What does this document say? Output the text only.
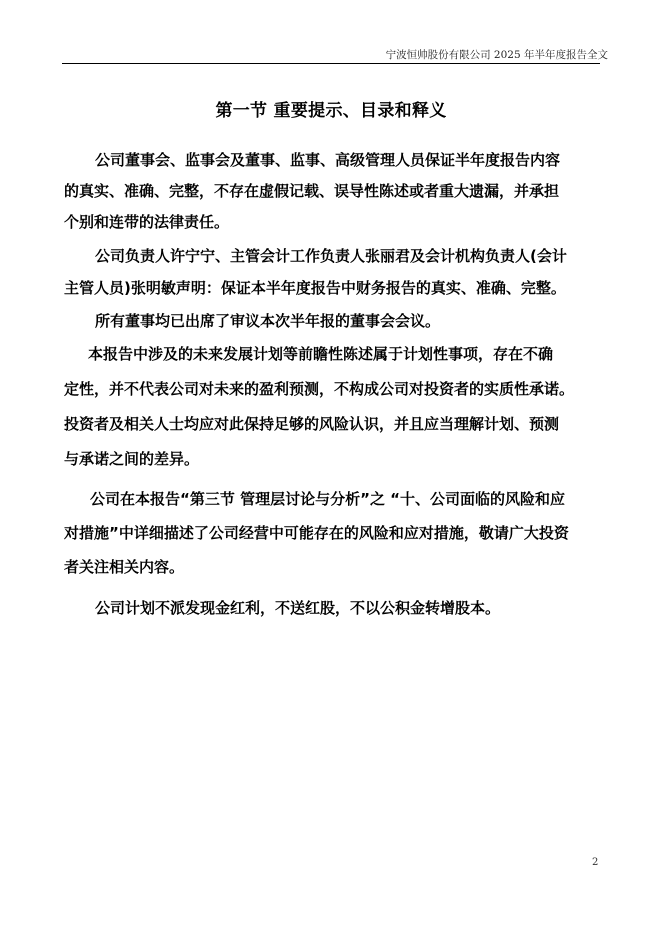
宁波恒帅股份有限公司 2025 年半年度报告全文
第一节 重要提示、目录和释义
公司董事会、监事会及董事、监事、高级管理人员保证半年度报告内容
的真实、准确、完整，不存在虚假记载、误导性陈述或者重大遗漏，并承担
个别和连带的法律责任。
公司负责人许宁宁、主管会计工作负责人张丽君及会计机构负责人(会计
主管人员)张明敏声明：保证本半年度报告中财务报告的真实、准确、完整。
所有董事均已出席了审议本次半年报的董事会会议。
本报告中涉及的未来发展计划等前瞻性陈述属于计划性事项，存在不确
定性，并不代表公司对未来的盈利预测，不构成公司对投资者的实质性承诺。
投资者及相关人士均应对此保持足够的风险认识，并且应当理解计划、预测
与承诺之间的差异。
公司在本报告“第三节 管理层讨论与分析”之 “十、公司面临的风险和应
对措施”中详细描述了公司经营中可能存在的风险和应对措施，敬请广大投资
者关注相关内容。
公司计划不派发现金红利，不送红股，不以公积金转增股本。
2
